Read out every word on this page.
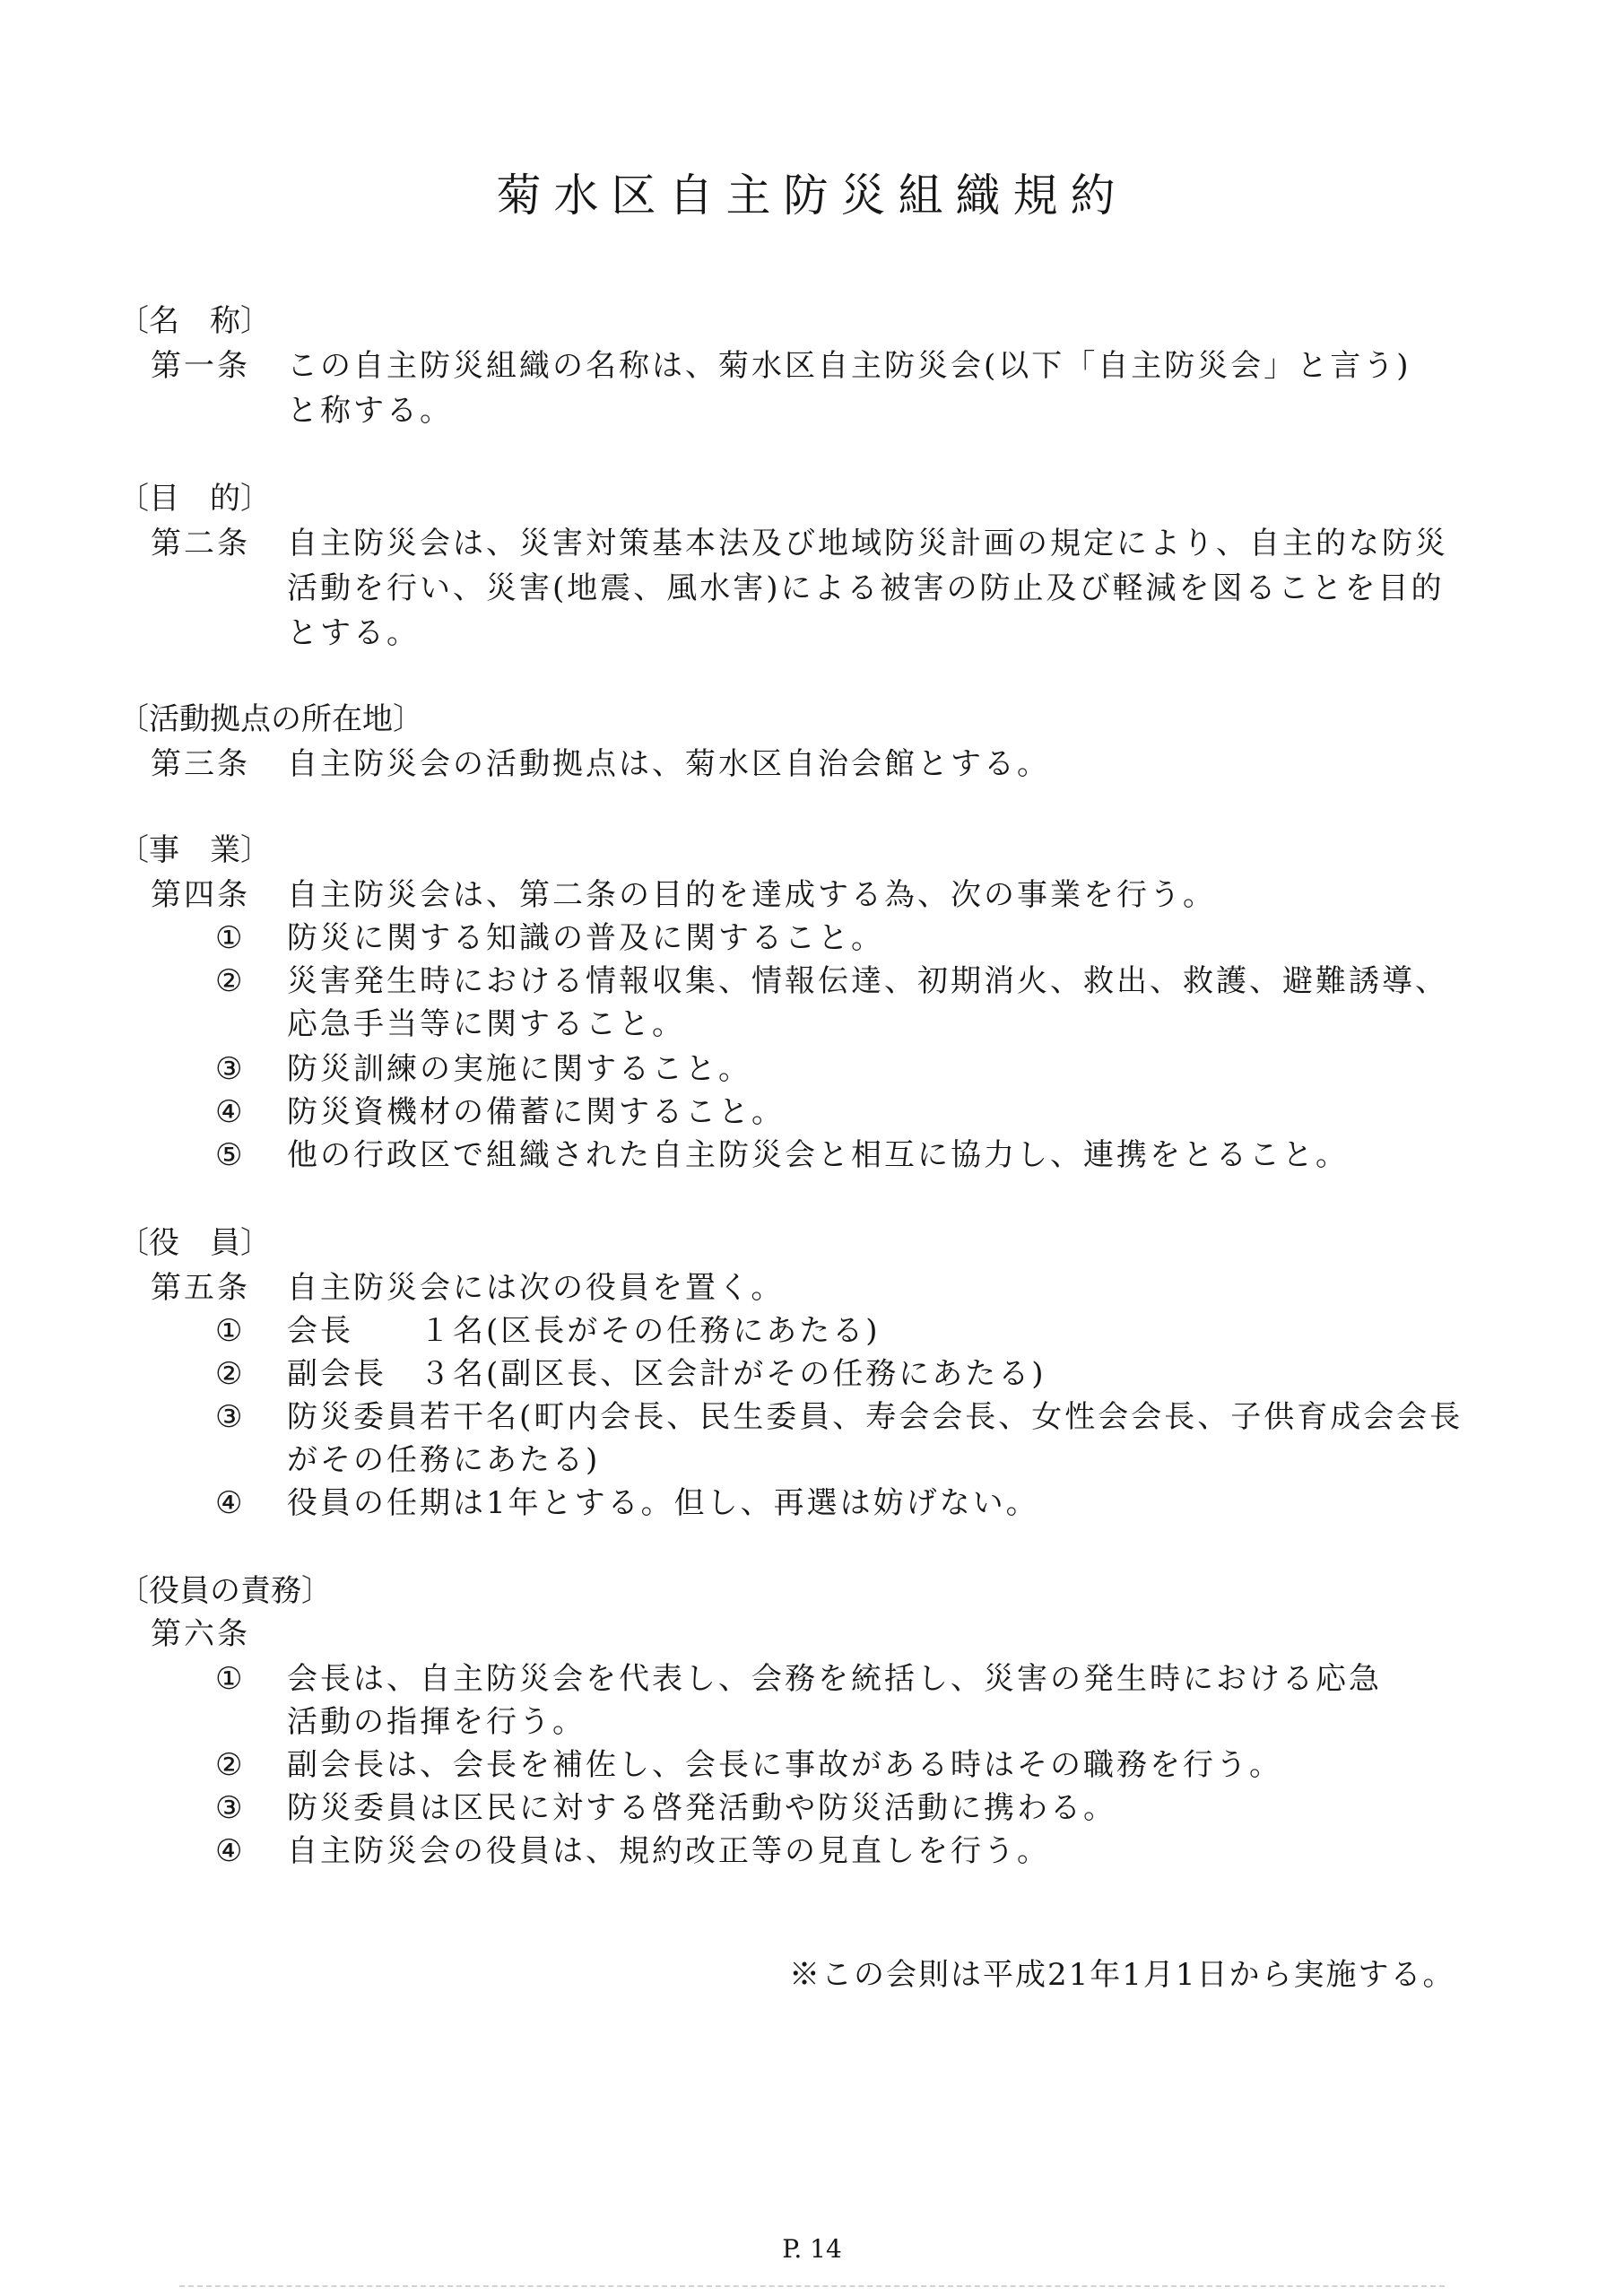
菊水区自主防災組織規約
〔名　称〕
第一条 この自主防災組織の名称は、菊水区自主防災会(以下「自主防災会」と言う)
と称する。
〔目　的〕
第二条 自主防災会は、災害対策基本法及び地域防災計画の規定により、自主的な防災
活動を行い、災害(地震、風水害)による被害の防止及び軽減を図ることを目的
とする。
〔活動拠点の所在地〕
第三条 自主防災会の活動拠点は、菊水区自治会館とする。
〔事　業〕
第四条 自主防災会は、第二条の目的を達成する為、次の事業を行う。
① 防災に関する知識の普及に関すること。
② 災害発生時における情報収集、情報伝達、初期消火、救出、救護、避難誘導、
応急手当等に関すること。
③ 防災訓練の実施に関すること。
④ 防災資機材の備蓄に関すること。
⑤ 他の行政区で組織された自主防災会と相互に協力し、連携をとること。
〔役　員〕
第五条 自主防災会には次の役員を置く。
① 会長　　１名(区長がその任務にあたる)
② 副会長　３名(副区長、区会計がその任務にあたる)
③ 防災委員若干名(町内会長、民生委員、寿会会長、女性会会長、子供育成会会長
がその任務にあたる)
④ 役員の任期は1年とする。但し、再選は妨げない。
〔役員の責務〕
第六条
① 会長は、自主防災会を代表し、会務を統括し、災害の発生時における応急
活動の指揮を行う。
② 副会長は、会長を補佐し、会長に事故がある時はその職務を行う。
③ 防災委員は区民に対する啓発活動や防災活動に携わる。
④ 自主防災会の役員は、規約改正等の見直しを行う。
※この会則は平成21年1月1日から実施する。
P. 14
